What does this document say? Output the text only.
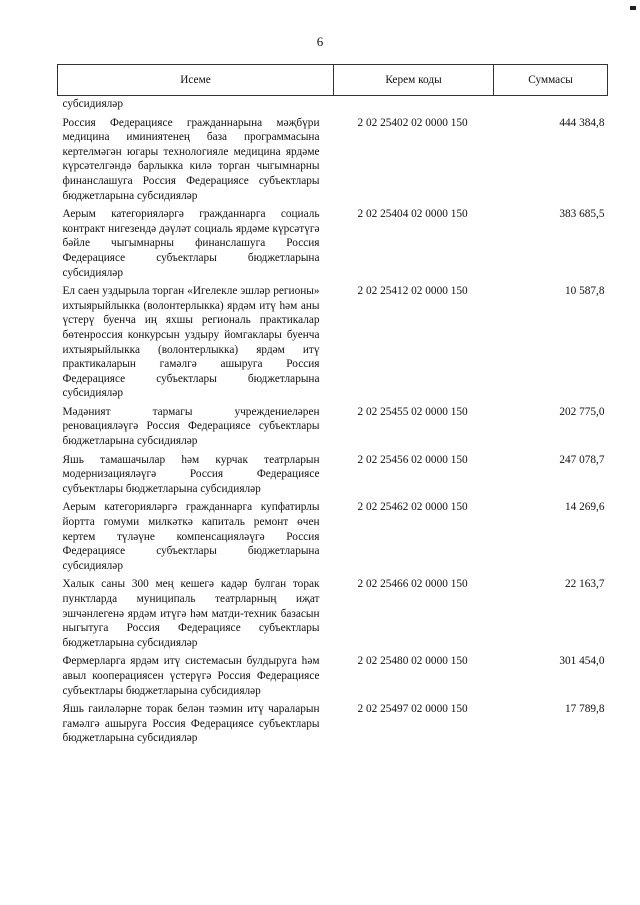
6
Исеме	Керем коды	Суммасы
субсидияләр		
Россия Федерациясе гражданнарына мәҗбүри медицина иминиятенең база программасына кертелмәгән югары технологияле медицина ярдәме күрсәтелгәндә барлыкка килә торган чыгымнарны финанслашуга Россия Федерациясе субъектлары бюджетларына субсидияләр	2 02 25402 02 0000 150	444 384,8
Аерым категорияләргә гражданнарга социаль контракт нигезендә дәүләт социаль ярдәме күрсәтүгә бәйле чыгымнарны финанслашуга Россия Федерациясе субъектлары бюджетларына субсидияләр	2 02 25404 02 0000 150	383 685,5
Ел саен уздырыла торган «Игелекле эшләр регионы» ихтыярыйлыкка (волонтерлыкка) ярдәм итү һәм аны үстерү буенча иң яхшы региональ практикалар бөтенроссия конкурсын уздыру йомгаклары буенча ихтыярыйлыкка (волонтерлыкка) ярдәм итү практикаларын гамәлгә ашыруга Россия Федерациясе субъектлары бюджетларына субсидияләр	2 02 25412 02 0000 150	10 587,8
Мәдәният тармагы учреждениеләрен реновацияләүгә Россия Федерациясе субъектлары бюджетларына субсидияләр	2 02 25455 02 0000 150	202 775,0
Яшь тамашачылар һәм курчак театрларын модернизацияләүгә Россия Федерациясе субъектлары бюджетларына субсидияләр	2 02 25456 02 0000 150	247 078,7
Аерым категорияләргә гражданнарга купфатирлы йортта гомуми милкәткә капиталь ремонт өчен кертем түләүне компенсацияләүгә Россия Федерациясе субъектлары бюджетларына субсидияләр	2 02 25462 02 0000 150	14 269,6
Халык саны 300 мең кешегә кадәр булган торак пунктларда муниципаль театрларның иҗат эшчәнлегенә ярдәм итүгә һәм матди-техник базасын ныгытуга Россия Федерациясе субъектлары бюджетларына субсидияләр	2 02 25466 02 0000 150	22 163,7
Фермерларга ярдәм итү системасын булдыруга һәм авыл кооперациясен үстерүгә Россия Федерациясе субъектлары бюджетларына субсидияләр	2 02 25480 02 0000 150	301 454,0
Яшь гаиләләрне торак белән тәэмин итү чараларын гамәлгә ашыруга Россия Федерациясе субъектлары бюджетларына субсидияләр	2 02 25497 02 0000 150	17 789,8
